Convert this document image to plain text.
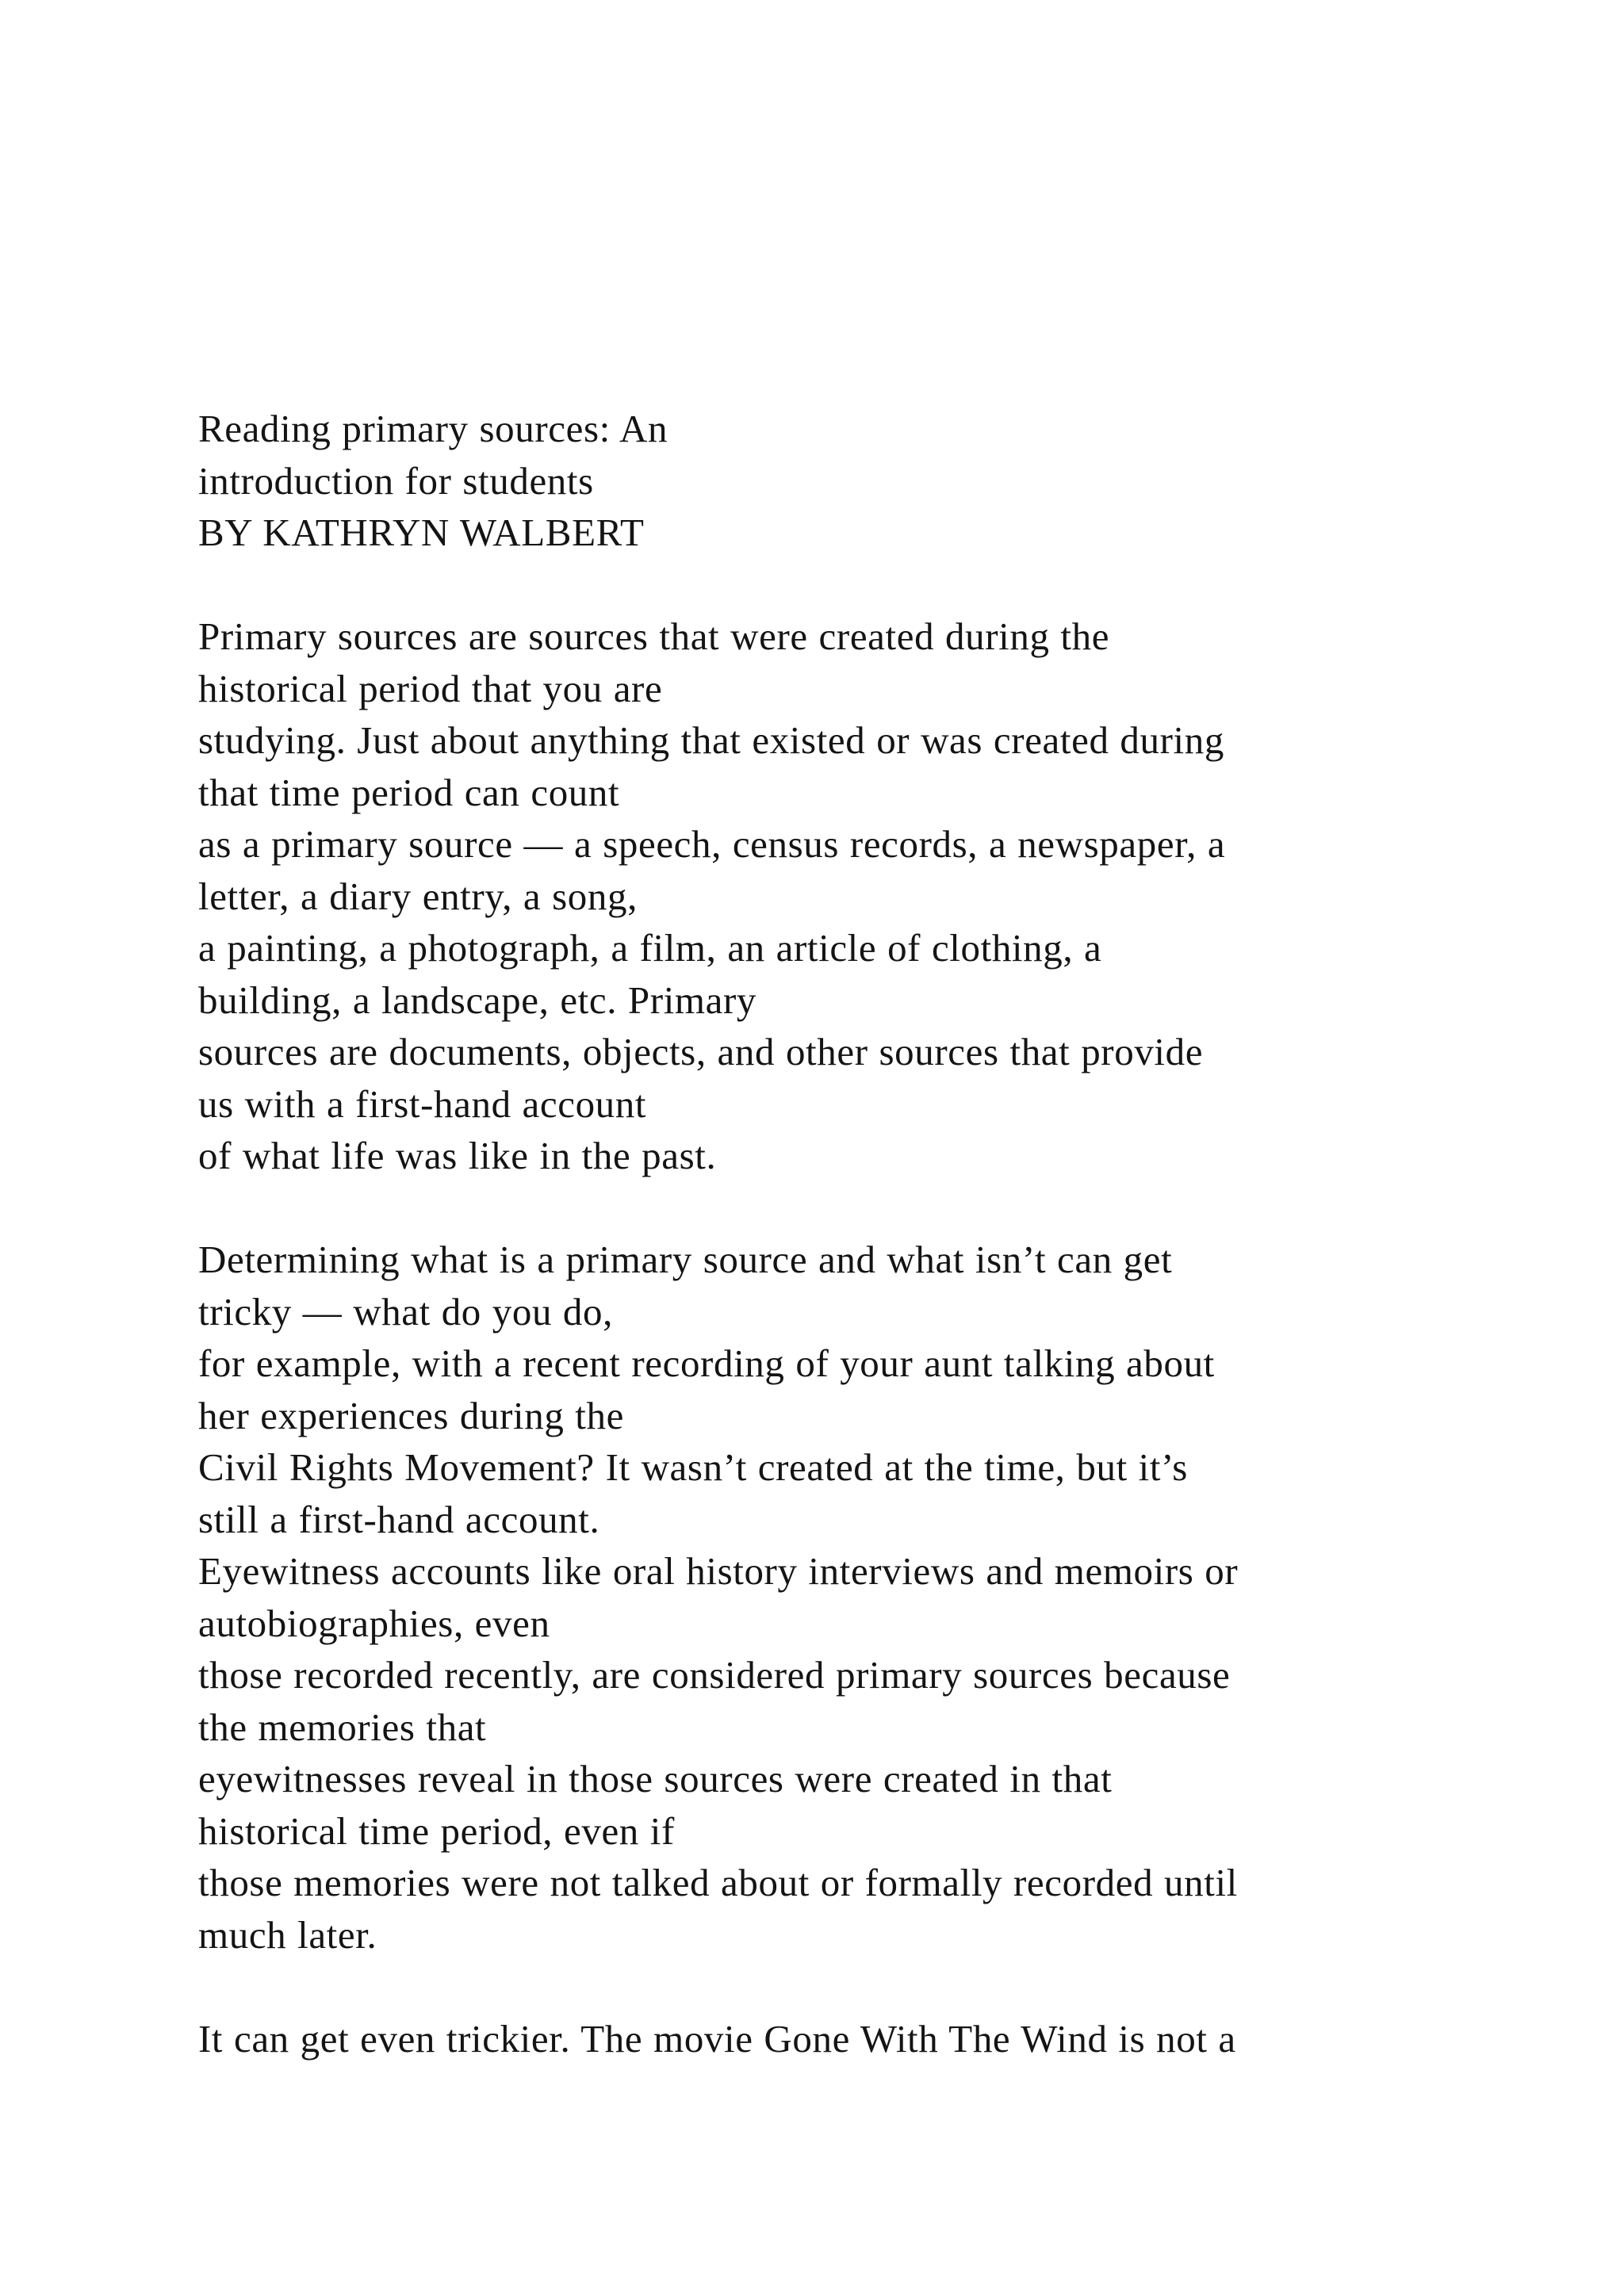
Reading primary sources: An
introduction for students
BY KATHRYN WALBERT
Primary sources are sources that were created during the
historical period that you are
studying. Just about anything that existed or was created during
that time period can count
as a primary source — a speech, census records, a newspaper, a
letter, a diary entry, a song,
a painting, a photograph, a film, an article of clothing, a
building, a landscape, etc. Primary
sources are documents, objects, and other sources that provide
us with a first-hand account
of what life was like in the past.
Determining what is a primary source and what isn’t can get
tricky — what do you do,
for example, with a recent recording of your aunt talking about
her experiences during the
Civil Rights Movement? It wasn’t created at the time, but it’s
still a first-hand account.
Eyewitness accounts like oral history interviews and memoirs or
autobiographies, even
those recorded recently, are considered primary sources because
the memories that
eyewitnesses reveal in those sources were created in that
historical time period, even if
those memories were not talked about or formally recorded until
much later.
It can get even trickier. The movie Gone With The Wind is not a
